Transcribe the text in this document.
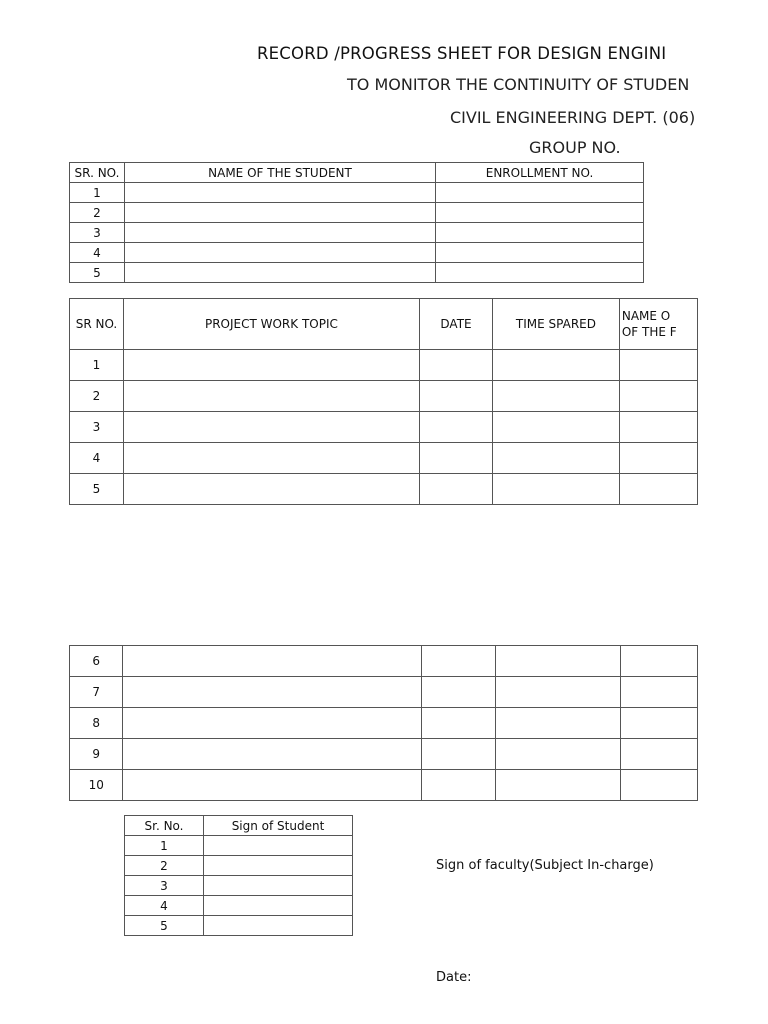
RECORD /PROGRESS SHEET FOR DESIGN ENGINI
TO MONITOR THE CONTINUITY OF STUDEN
CIVIL ENGINEERING DEPT. (06)
GROUP NO.
SR. NO.	NAME OF THE STUDENT	ENROLLMENT NO.
1		
2		
3		
4		
5		
SR NO.	PROJECT WORK TOPIC	DATE	TIME SPARED	NAME O
OF THE F
1				
2				
3				
4				
5				
6				
7				
8				
9				
10				
Sr. No.	Sign of Student
1	
2	
3	
4	
5	
Sign of faculty(Subject In-charge)
Date:
